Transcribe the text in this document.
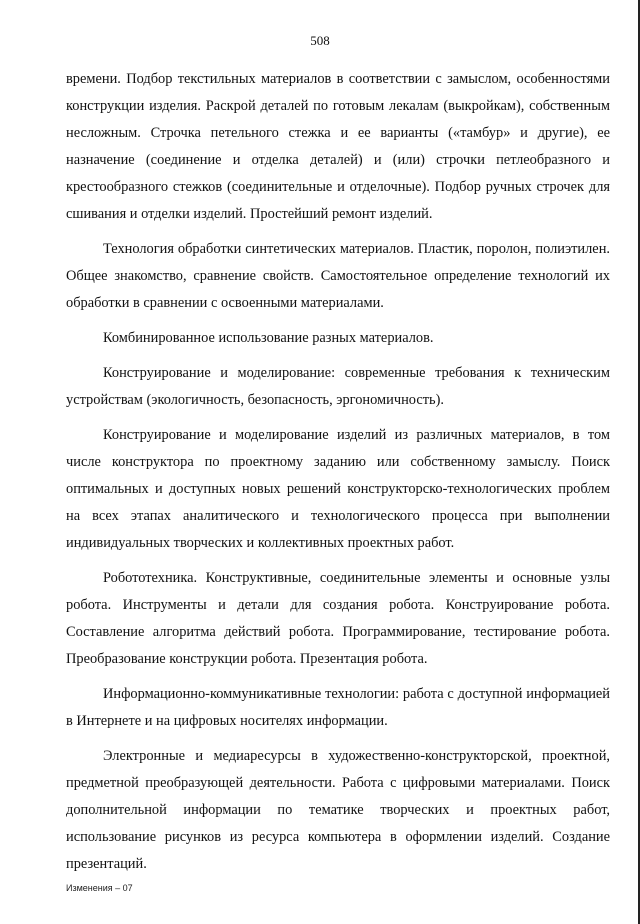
508

времени. Подбор текстильных материалов в соответствии с замыслом, особенностями конструкции изделия. Раскрой деталей по готовым лекалам (выкройкам), собственным несложным. Строчка петельного стежка и ее варианты («тамбур» и другие), ее назначение (соединение и отделка деталей) и (или) строчки петлеобразного и крестообразного стежков (соединительные и отделочные). Подбор ручных строчек для сшивания и отделки изделий. Простейший ремонт изделий.

Технология обработки синтетических материалов. Пластик, поролон, полиэтилен. Общее знакомство, сравнение свойств. Самостоятельное определение технологий их обработки в сравнении с освоенными материалами.

Комбинированное использование разных материалов.

Конструирование и моделирование: современные требования к техническим устройствам (экологичность, безопасность, эргономичность).

Конструирование и моделирование изделий из различных материалов, в том числе конструктора по проектному заданию или собственному замыслу. Поиск оптимальных и доступных новых решений конструкторско-технологических проблем на всех этапах аналитического и технологического процесса при выполнении индивидуальных творческих и коллективных проектных работ.

Робототехника. Конструктивные, соединительные элементы и основные узлы робота. Инструменты и детали для создания робота. Конструирование робота. Составление алгоритма действий робота. Программирование, тестирование робота. Преобразование конструкции робота. Презентация робота.

Информационно-коммуникативные технологии: работа с доступной информацией в Интернете и на цифровых носителях информации.

Электронные и медиаресурсы в художественно-конструкторской, проектной, предметной преобразующей деятельности. Работа с цифровыми материалами. Поиск дополнительной информации по тематике творческих и проектных работ, использование рисунков из ресурса компьютера в оформлении изделий. Создание презентаций.

Изменения – 07
